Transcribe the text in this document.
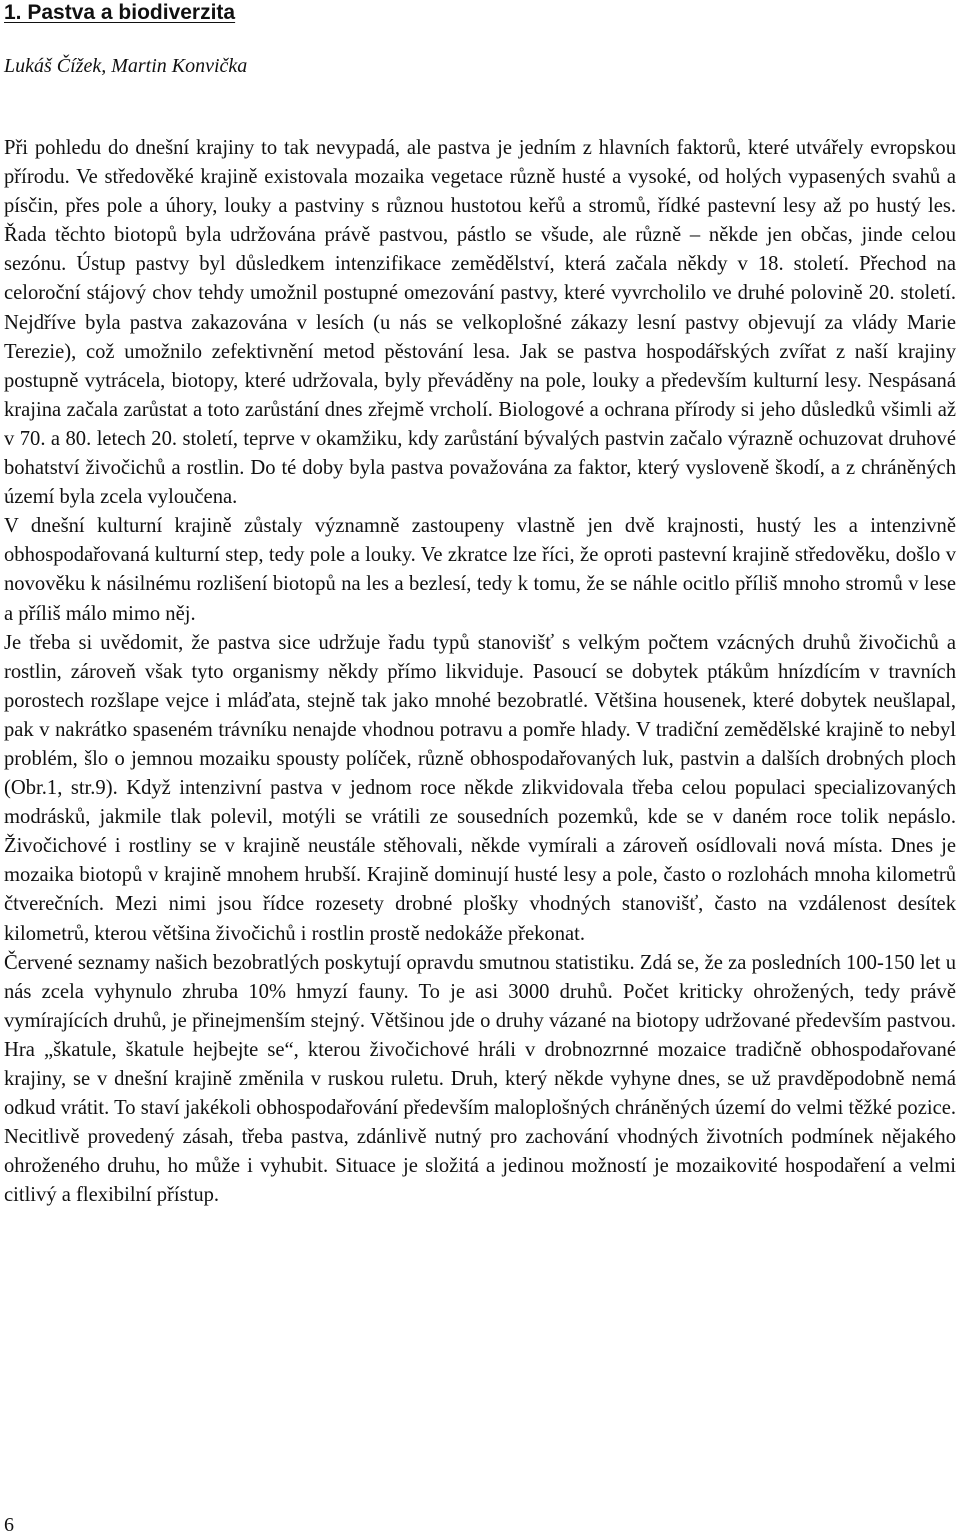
1. Pastva a biodiverzita

Lukáš Čížek, Martin Konvička

Při pohledu do dnešní krajiny to tak nevypadá, ale pastva je jedním z hlavních faktorů, které utvářely evropskou přírodu. Ve středověké krajině existovala mozaika vegetace různě husté a vysoké, od holých vypasených svahů a písčin, přes pole a úhory, louky a pastviny s různou hustotou keřů a stromů, řídké pastevní lesy až po hustý les. Řada těchto biotopů byla udržována právě pastvou, pástlo se všude, ale různě – někde jen občas, jinde celou sezónu. Ústup pastvy byl důsledkem intenzifikace zemědělství, která začala někdy v 18. století. Přechod na celoroční stájový chov tehdy umožnil postupné omezování pastvy, které vyvrcholilo ve druhé polovině 20. století. Nejdříve byla pastva zakazována v lesích (u nás se velkoplošné zákazy lesní pastvy objevují za vlády Marie Terezie), což umožnilo zefektivnění metod pěstování lesa. Jak se pastva hospodářských zvířat z naší krajiny postupně vytrácela, biotopy, které udržovala, byly převáděny na pole, louky a především kulturní lesy. Nespásaná krajina začala zarůstat a toto zarůstání dnes zřejmě vrcholí. Biologové a ochrana přírody si jeho důsledků všimli až v 70. a 80. letech 20. století, teprve v okamžiku, kdy zarůstání bývalých pastvin začalo výrazně ochuzovat druhové bohatství živočichů a rostlin. Do té doby byla pastva považována za faktor, který vysloveně škodí, a z chráněných území byla zcela vyloučena.

V dnešní kulturní krajině zůstaly významně zastoupeny vlastně jen dvě krajnosti, hustý les a intenzivně obhospodařovaná kulturní step, tedy pole a louky. Ve zkratce lze říci, že oproti pastevní krajině středověku, došlo v novověku k násilnému rozlišení biotopů na les a bezlesí, tedy k tomu, že se náhle ocitlo příliš mnoho stromů v lese a příliš málo mimo něj.

Je třeba si uvědomit, že pastva sice udržuje řadu typů stanovišť s velkým počtem vzácných druhů živočichů a rostlin, zároveň však tyto organismy někdy přímo likviduje. Pasoucí se dobytek ptákům hnízdícím v travních porostech rozšlape vejce i mláďata, stejně tak jako mnohé bezobratlé. Většina housenek, které dobytek neušlapal, pak v nakrátko spaseném trávníku nenajde vhodnou potravu a pomře hlady. V tradiční zemědělské krajině to nebyl problém, šlo o jemnou mozaiku spousty políček, různě obhospodařovaných luk, pastvin a dalších drobných ploch (Obr.1, str.9). Když intenzivní pastva v jednom roce někde zlikvidovala třeba celou populaci specializovaných modrásků, jakmile tlak polevil, motýli se vrátili ze sousedních pozemků, kde se v daném roce tolik nepáslo. Živočichové i rostliny se v krajině neustále stěhovali, někde vymírali a zároveň osídlovali nová místa. Dnes je mozaika biotopů v krajině mnohem hrubší. Krajině dominují husté lesy a pole, často o rozlohách mnoha kilometrů čtverečních. Mezi nimi jsou řídce rozesety drobné plošky vhodných stanovišť, často na vzdálenost desítek kilometrů, kterou většina živočichů i rostlin prostě nedokáže překonat.

Červené seznamy našich bezobratlých poskytují opravdu smutnou statistiku. Zdá se, že za posledních 100-150 let u nás zcela vyhynulo zhruba 10% hmyzí fauny. To je asi 3000 druhů. Počet kriticky ohrožených, tedy právě vymírajících druhů, je přinejmenším stejný. Většinou jde o druhy vázané na biotopy udržované především pastvou. Hra „škatule, škatule hejbejte se“, kterou živočichové hráli v drobnozrnné mozaice tradičně obhospodařované krajiny, se v dnešní krajině změnila v ruskou ruletu. Druh, který někde vyhyne dnes, se už pravděpodobně nemá odkud vrátit. To staví jakékoli obhospodařování především maloplošných chráněných území do velmi těžké pozice. Necitlivě provedený zásah, třeba pastva, zdánlivě nutný pro zachování vhodných životních podmínek nějakého ohroženého druhu, ho může i vyhubit. Situace je složitá a jedinou možností je mozaikovité hospodaření a velmi citlivý a flexibilní přístup.

6
